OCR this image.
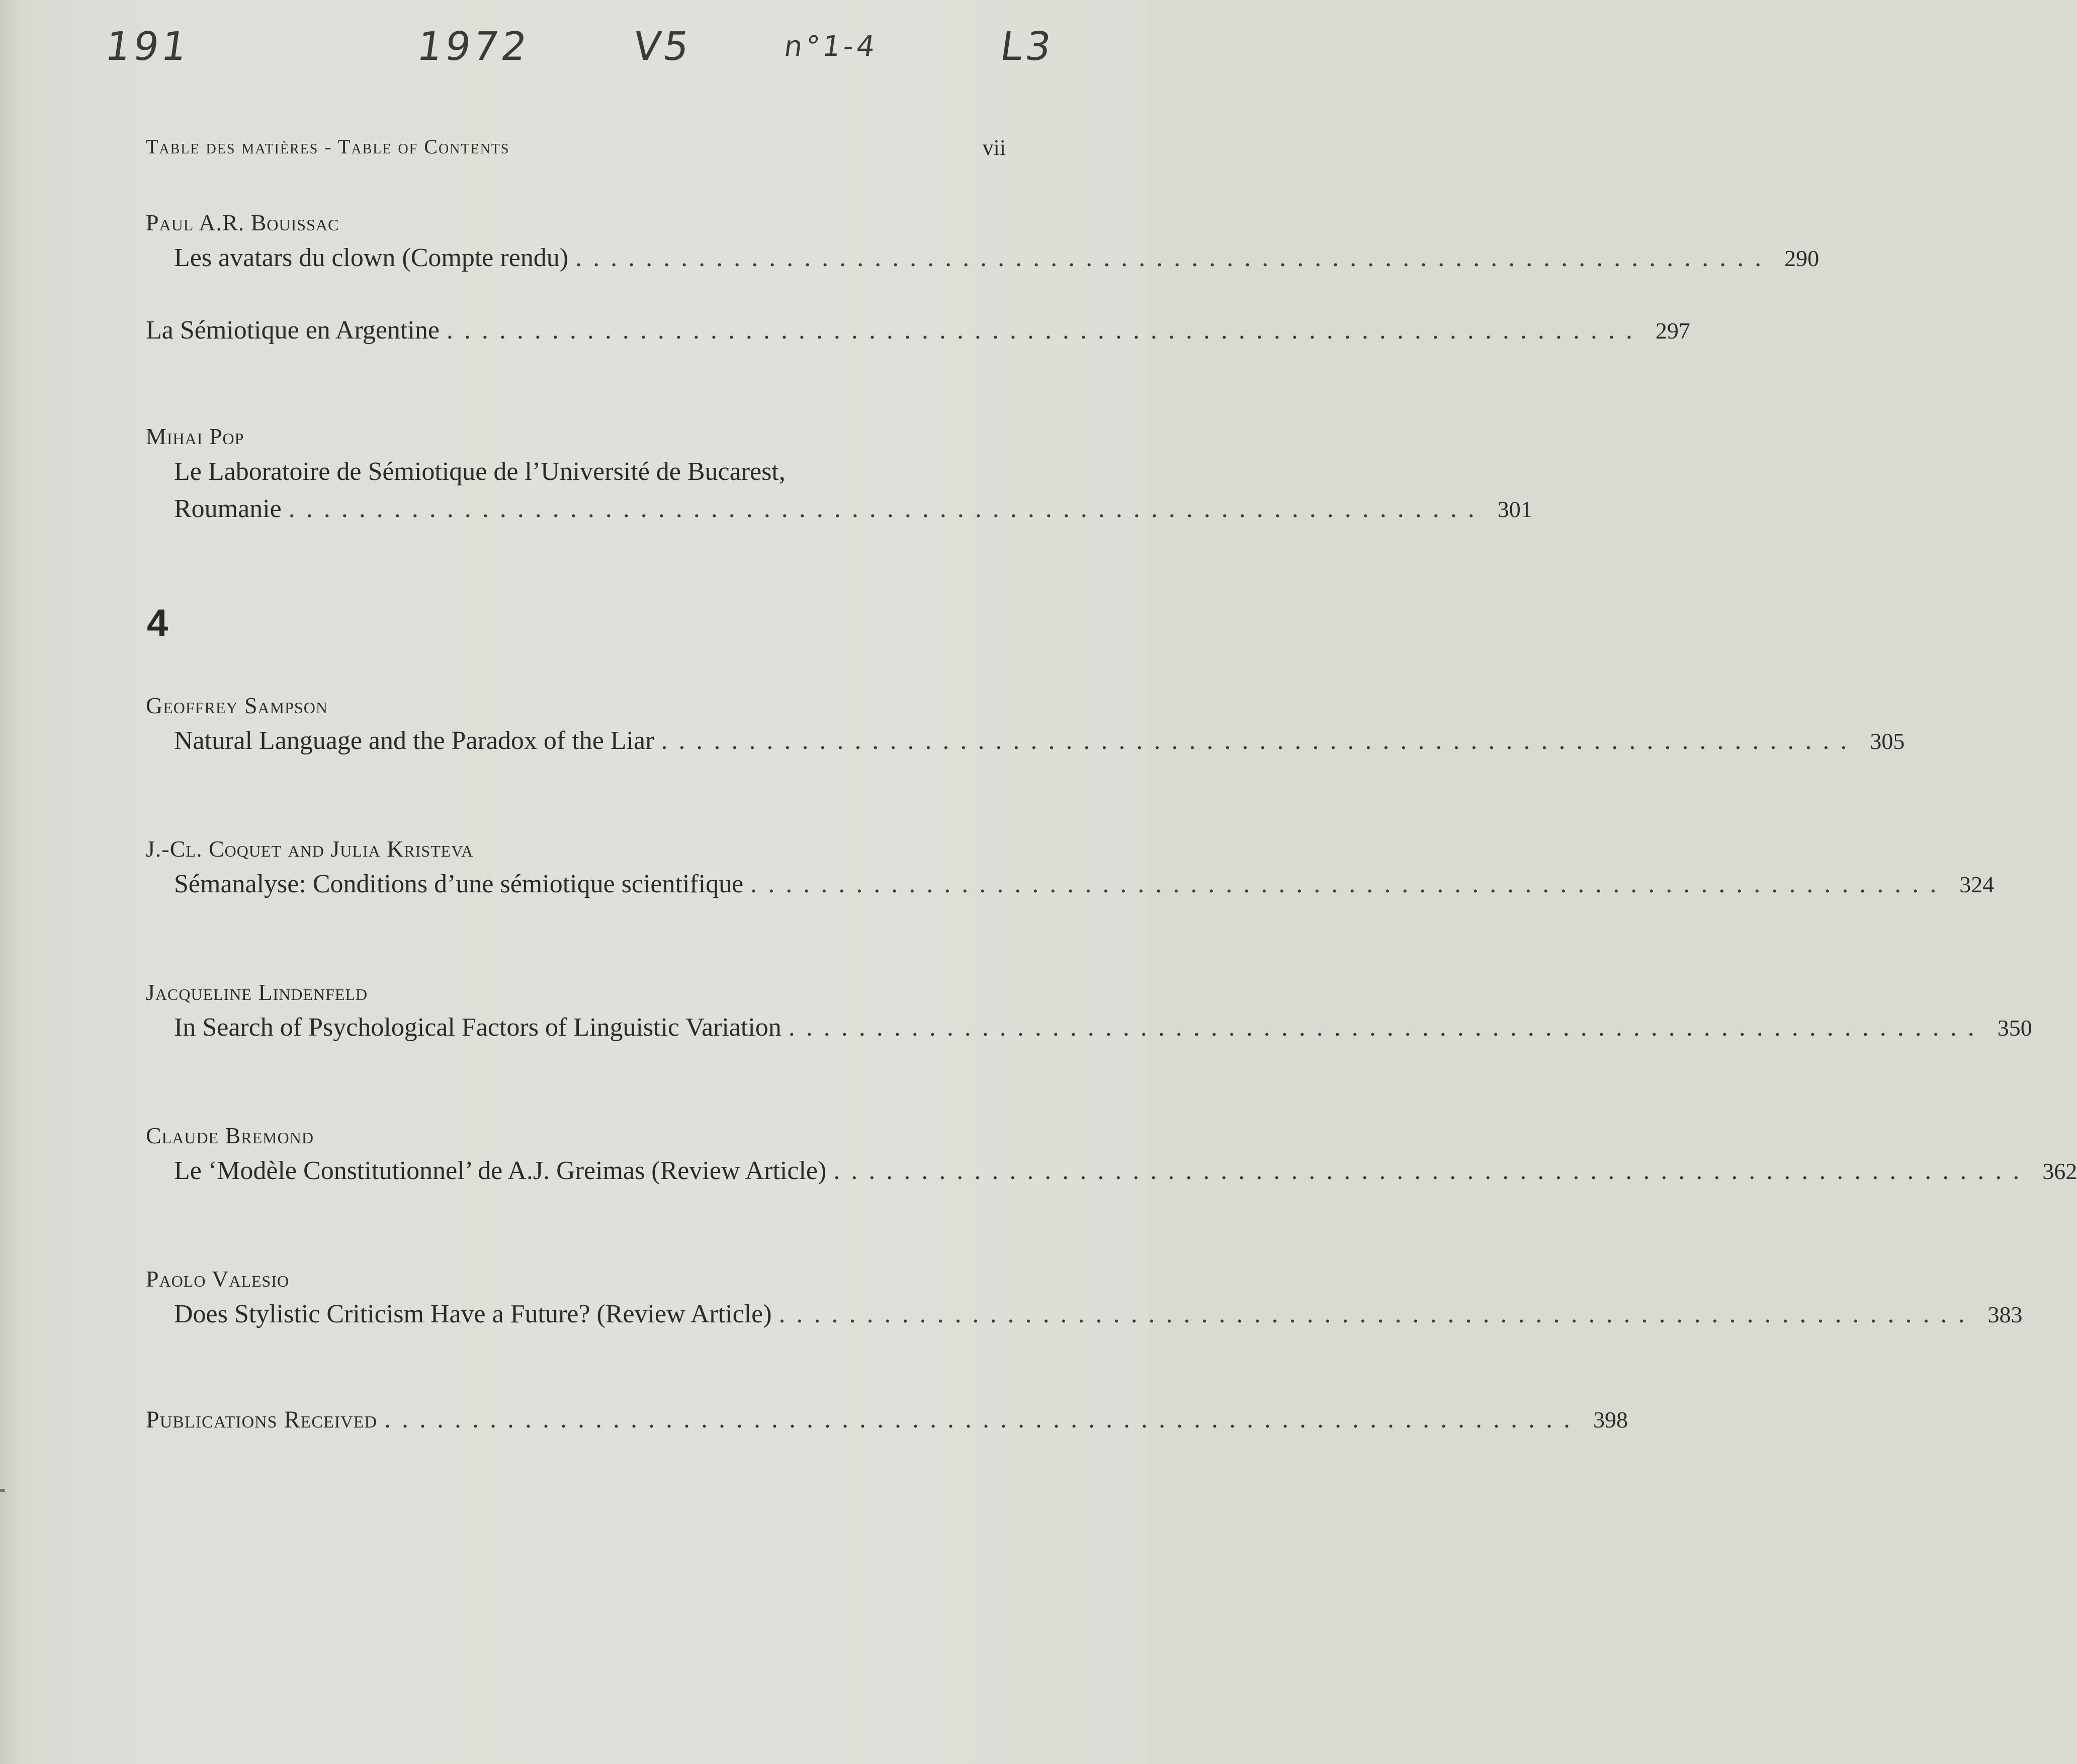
191	1972 V5	n°1-4	L3
Table des matières - Table of Contents	vii
Paul A.R. Bouissac
Les avatars du clown (Compte rendu) .................................................................... 290
La Sémiotique en Argentine .................................................................... 297
Mihai Pop
Le Laboratoire de Sémiotique de l’Université de Bucarest,
Roumanie .................................................................... 301
Geoffrey Sampson
Natural Language and the Paradox of the Liar .................................................................... 305
J.-Cl. Coquet and Julia Kristeva
Sémanalyse: Conditions d’une sémiotique scientifique .................................................................... 324
Jacqueline Lindenfeld
In Search of Psychological Factors of Linguistic Variation .................................................................... 350
Claude Bremond
Le ‘Modèle Constitutionnel’ de A.J. Greimas (Review Article) .................................................................... 362
Paolo Valesio
Does Stylistic Criticism Have a Future? (Review Article) .................................................................... 383
Publications Received .................................................................... 398
4
